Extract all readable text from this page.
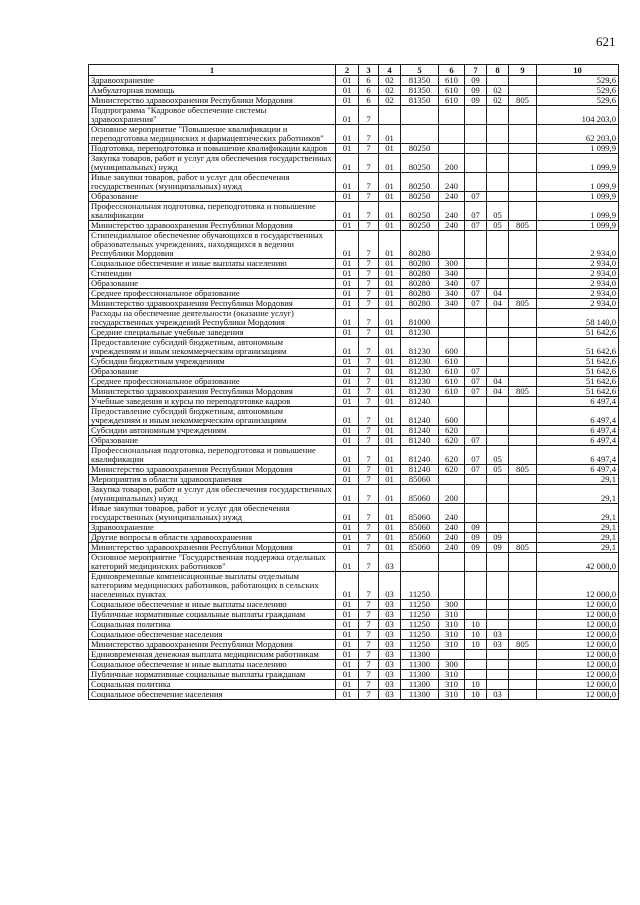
621
1	2	3	4	5	6	7	8	9	10
Здравоохранение	01	6	02	81350	610	09			529,6
Амбулаторная помощь	01	6	02	81350	610	09	02		529,6
Министерство здравоохранения Республики Мордовия	01	6	02	81350	610	09	02	805	529,6
Подпрограмма "Кадровое обеспечение системы здравоохранения"	01	7							104 203,0
Основное мероприятие "Повышение квалификации и переподготовка медицинских и фармацевтических работников"	01	7	01						62 203,0
Подготовка, переподготовка и повышение квалификации кадров	01	7	01	80250					1 099,9
Закупка товаров, работ и услуг для обеспечения государственных (муниципальных) нужд	01	7	01	80250	200				1 099,9
Иные закупки товаров, работ и услуг для обеспечения государственных (муниципальных) нужд	01	7	01	80250	240				1 099,9
Образование	01	7	01	80250	240	07			1 099,9
Профессиональная подготовка, переподготовка и повышение квалификации	01	7	01	80250	240	07	05		1 099,9
Министерство здравоохранения Республики Мордовия	01	7	01	80250	240	07	05	805	1 099,9
Стипендиальное обеспечение обучающихся в государственных образовательных учреждениях, находящихся в ведении Республики Мордовия	01	7	01	80280					2 934,0
Социальное обеспечение и иные выплаты населению	01	7	01	80280	300				2 934,0
Стипендии	01	7	01	80280	340				2 934,0
Образование	01	7	01	80280	340	07			2 934,0
Среднее профессиональное образование	01	7	01	80280	340	07	04		2 934,0
Министерство здравоохранения Республики Мордовия	01	7	01	80280	340	07	04	805	2 934,0
Расходы на обеспечение деятельности (оказание услуг) государственных учреждений Республики Мордовия	01	7	01	81000					58 140,0
Средние специальные учебные заведения	01	7	01	81230					51 642,6
Предоставление субсидий бюджетным, автономным учреждениям и иным некоммерческим организациям	01	7	01	81230	600				51 642,6
Субсидии бюджетным учреждениям	01	7	01	81230	610				51 642,6
Образование	01	7	01	81230	610	07			51 642,6
Среднее профессиональное образование	01	7	01	81230	610	07	04		51 642,6
Министерство здравоохранения Республики Мордовия	01	7	01	81230	610	07	04	805	51 642,6
Учебные заведения и курсы по переподготовке кадров	01	7	01	81240					6 497,4
Предоставление субсидий бюджетным, автономным учреждениям и иным некоммерческим организациям	01	7	01	81240	600				6 497,4
Субсидии автономным учреждениям	01	7	01	81240	620				6 497,4
Образование	01	7	01	81240	620	07			6 497,4
Профессиональная подготовка, переподготовка и повышение квалификации	01	7	01	81240	620	07	05		6 497,4
Министерство здравоохранения Республики Мордовия	01	7	01	81240	620	07	05	805	6 497,4
Мероприятия в области здравоохранения	01	7	01	85060					29,1
Закупка товаров, работ и услуг для обеспечения государственных (муниципальных) нужд	01	7	01	85060	200				29,1
Иные закупки товаров, работ и услуг для обеспечения государственных (муниципальных) нужд	01	7	01	85060	240				29,1
Здравоохранение	01	7	01	85060	240	09			29,1
Другие вопросы в области здравоохранения	01	7	01	85060	240	09	09		29,1
Министерство здравоохранения Республики Мордовия	01	7	01	85060	240	09	09	805	29,1
Основное мероприятие "Государственная поддержка отдельных категорий медицинских работников"	01	7	03						42 000,0
Единовременные компенсационные выплаты отдельным категориям медицинских работников, работающих в сельских населенных пунктах	01	7	03	11250					12 000,0
Социальное обеспечение и иные выплаты населению	01	7	03	11250	300				12 000,0
Публичные нормативные социальные выплаты гражданам	01	7	03	11250	310				12 000,0
Социальная политика	01	7	03	11250	310	10			12 000,0
Социальное обеспечение населения	01	7	03	11250	310	10	03		12 000,0
Министерство здравоохранения Республики Мордовия	01	7	03	11250	310	10	03	805	12 000,0
Единовременная денежная выплата медицинским работникам	01	7	03	11300					12 000,0
Социальное обеспечение и иные выплаты населению	01	7	03	11300	300				12 000,0
Публичные нормативные социальные выплаты гражданам	01	7	03	11300	310				12 000,0
Социальная политика	01	7	03	11300	310	10			12 000,0
Социальное обеспечение населения	01	7	03	11300	310	10	03		12 000,0
